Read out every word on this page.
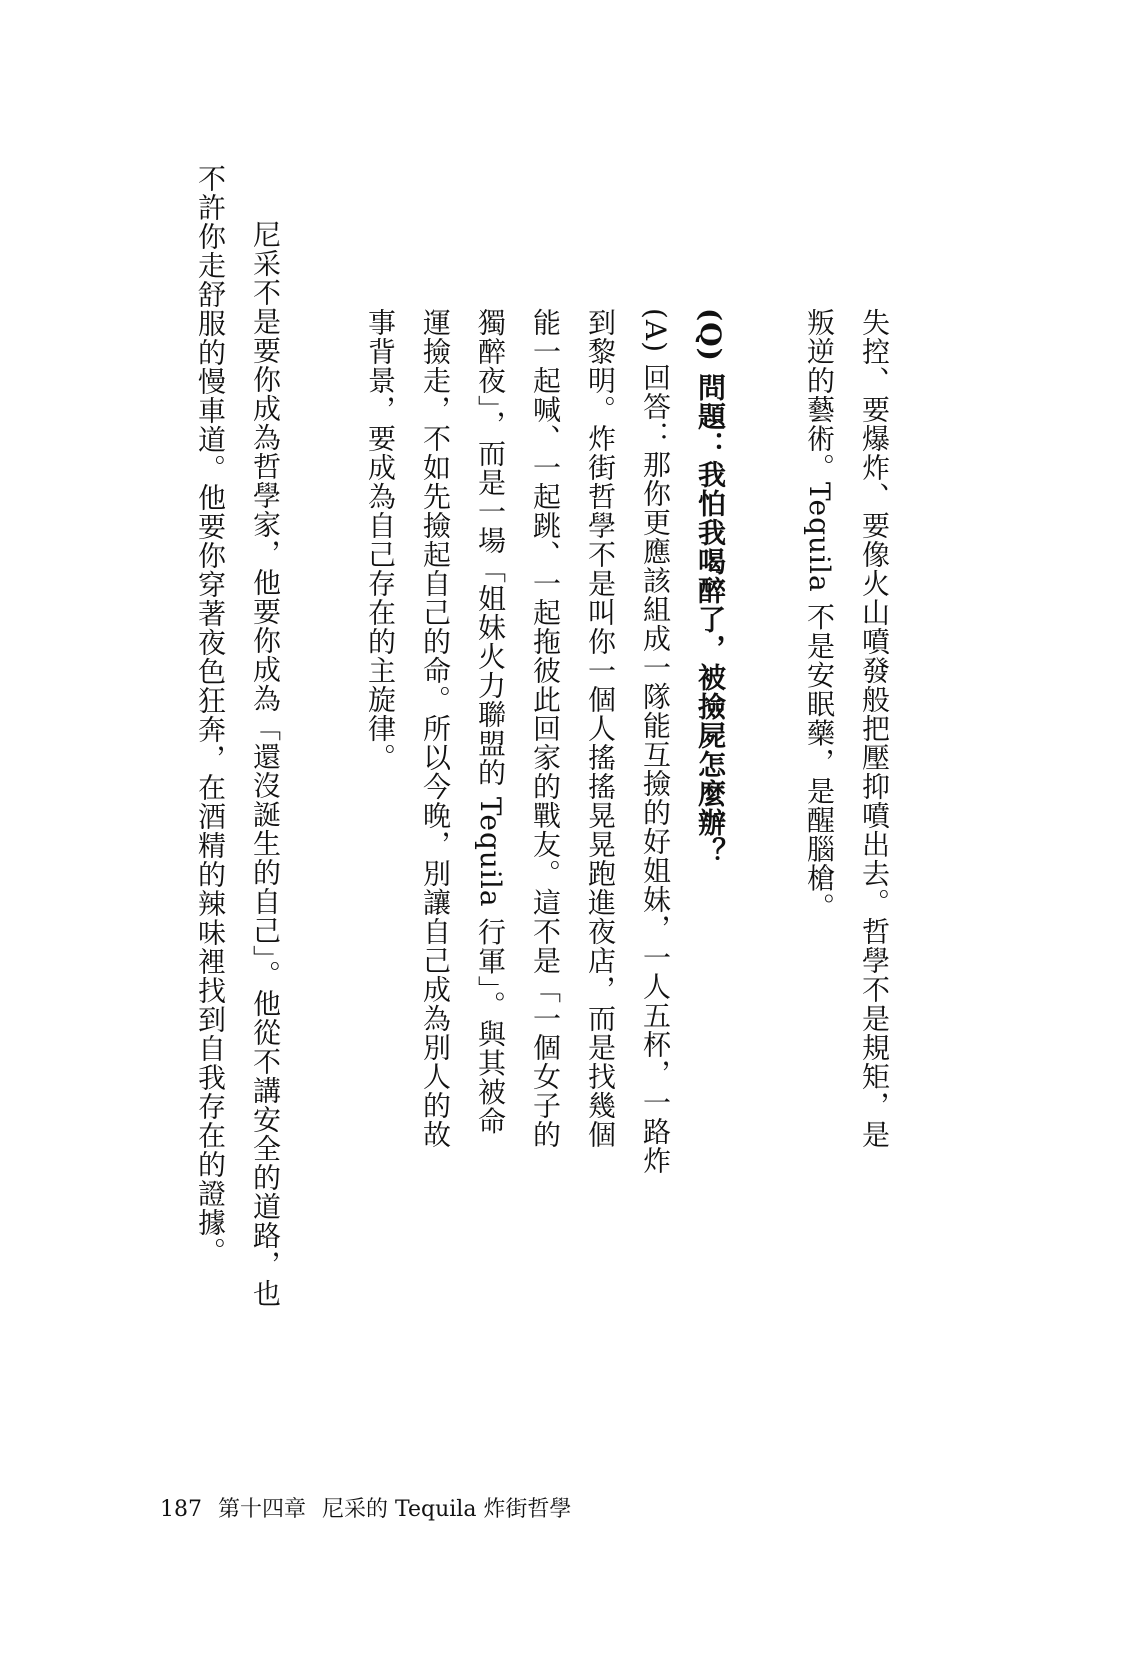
失控、要爆炸、要像火山噴發般把壓抑噴出去。哲學不是規矩，是
叛逆的藝術。Tequila 不是安眠藥，是醒腦槍。
(Q) 問題：我怕我喝醉了，被撿屍怎麼辦？
(A) 回答：那你更應該組成一隊能互撿的好姐妹，一人五杯，一路炸
到黎明。炸街哲學不是叫你一個人搖搖晃晃跑進夜店，而是找幾個
能一起喊、一起跳、一起拖彼此回家的戰友。這不是「一個女子的
獨醉夜」，而是一場「姐妹火力聯盟的 Tequila 行軍」。與其被命
運撿走，不如先撿起自己的命。所以今晚，別讓自己成為別人的故
事背景，要成為自己存在的主旋律。
尼采不是要你成為哲學家，他要你成為「還沒誕生的自己」。他從不講安全的道路，也
不許你走舒服的慢車道。他要你穿著夜色狂奔，在酒精的辣味裡找到自我存在的證據。
187 第十四章 尼采的 Tequila 炸街哲學
